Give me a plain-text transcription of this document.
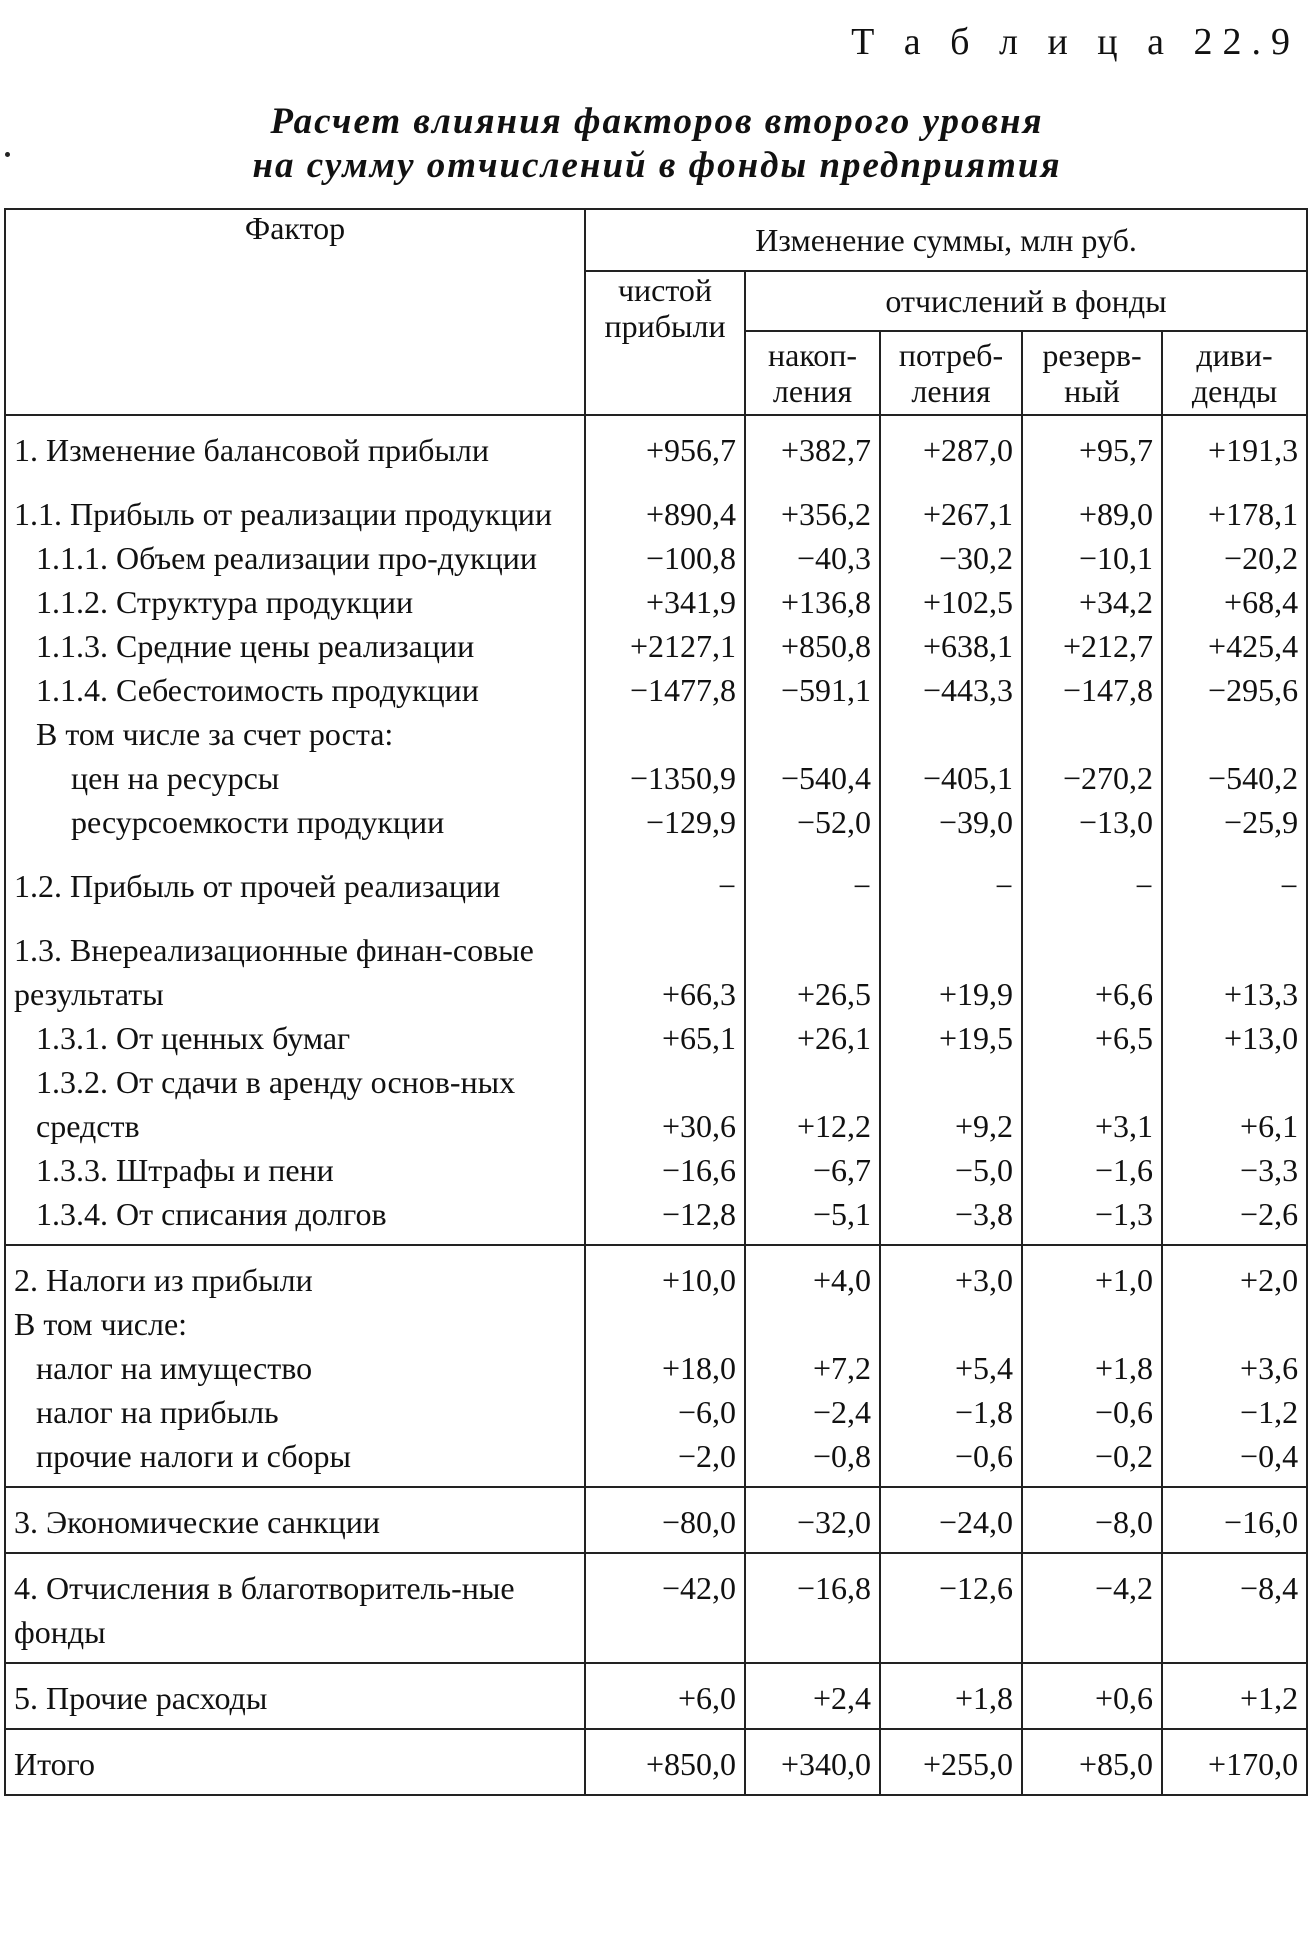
Т а б л и ц а 22.9
Расчет влияния факторов второго уровня
на сумму отчислений в фонды предприятия
Фактор	Изменение суммы, млн руб.				
	чистой прибыли	отчислений в фонды			
		накоп-ления	потреб-ления	резерв-ный	диви-денды
1. Изменение балансовой прибыли	+956,7	+382,7	+287,0	+95,7	+191,3
1.1. Прибыль от реализации продукции	+890,4	+356,2	+267,1	+89,0	+178,1
1.1.1. Объем реализации про-дукции	−100,8	−40,3	−30,2	−10,1	−20,2
1.1.2. Структура продукции	+341,9	+136,8	+102,5	+34,2	+68,4
1.1.3. Средние цены реализации	+2127,1	+850,8	+638,1	+212,7	+425,4
1.1.4. Себестоимость продукции	−1477,8	−591,1	−443,3	−147,8	−295,6
В том числе за счет роста:					
цен на ресурсы	−1350,9	−540,4	−405,1	−270,2	−540,2
ресурсоемкости продукции	−129,9	−52,0	−39,0	−13,0	−25,9
1.2. Прибыль от прочей реализации	−	−	−	−	−
1.3. Внереализационные финан-совые результаты	+66,3	+26,5	+19,9	+6,6	+13,3
1.3.1. От ценных бумаг	+65,1	+26,1	+19,5	+6,5	+13,0
1.3.2. От сдачи в аренду основ-ных средств	+30,6	+12,2	+9,2	+3,1	+6,1
1.3.3. Штрафы и пени	−16,6	−6,7	−5,0	−1,6	−3,3
1.3.4. От списания долгов	−12,8	−5,1	−3,8	−1,3	−2,6
2. Налоги из прибыли	+10,0	+4,0	+3,0	+1,0	+2,0
В том числе:					
налог на имущество	+18,0	+7,2	+5,4	+1,8	+3,6
налог на прибыль	−6,0	−2,4	−1,8	−0,6	−1,2
прочие налоги и сборы	−2,0	−0,8	−0,6	−0,2	−0,4
3. Экономические санкции	−80,0	−32,0	−24,0	−8,0	−16,0
4. Отчисления в благотворитель-ные фонды	−42,0	−16,8	−12,6	−4,2	−8,4
5. Прочие расходы	+6,0	+2,4	+1,8	+0,6	+1,2
Итого	+850,0	+340,0	+255,0	+85,0	+170,0
